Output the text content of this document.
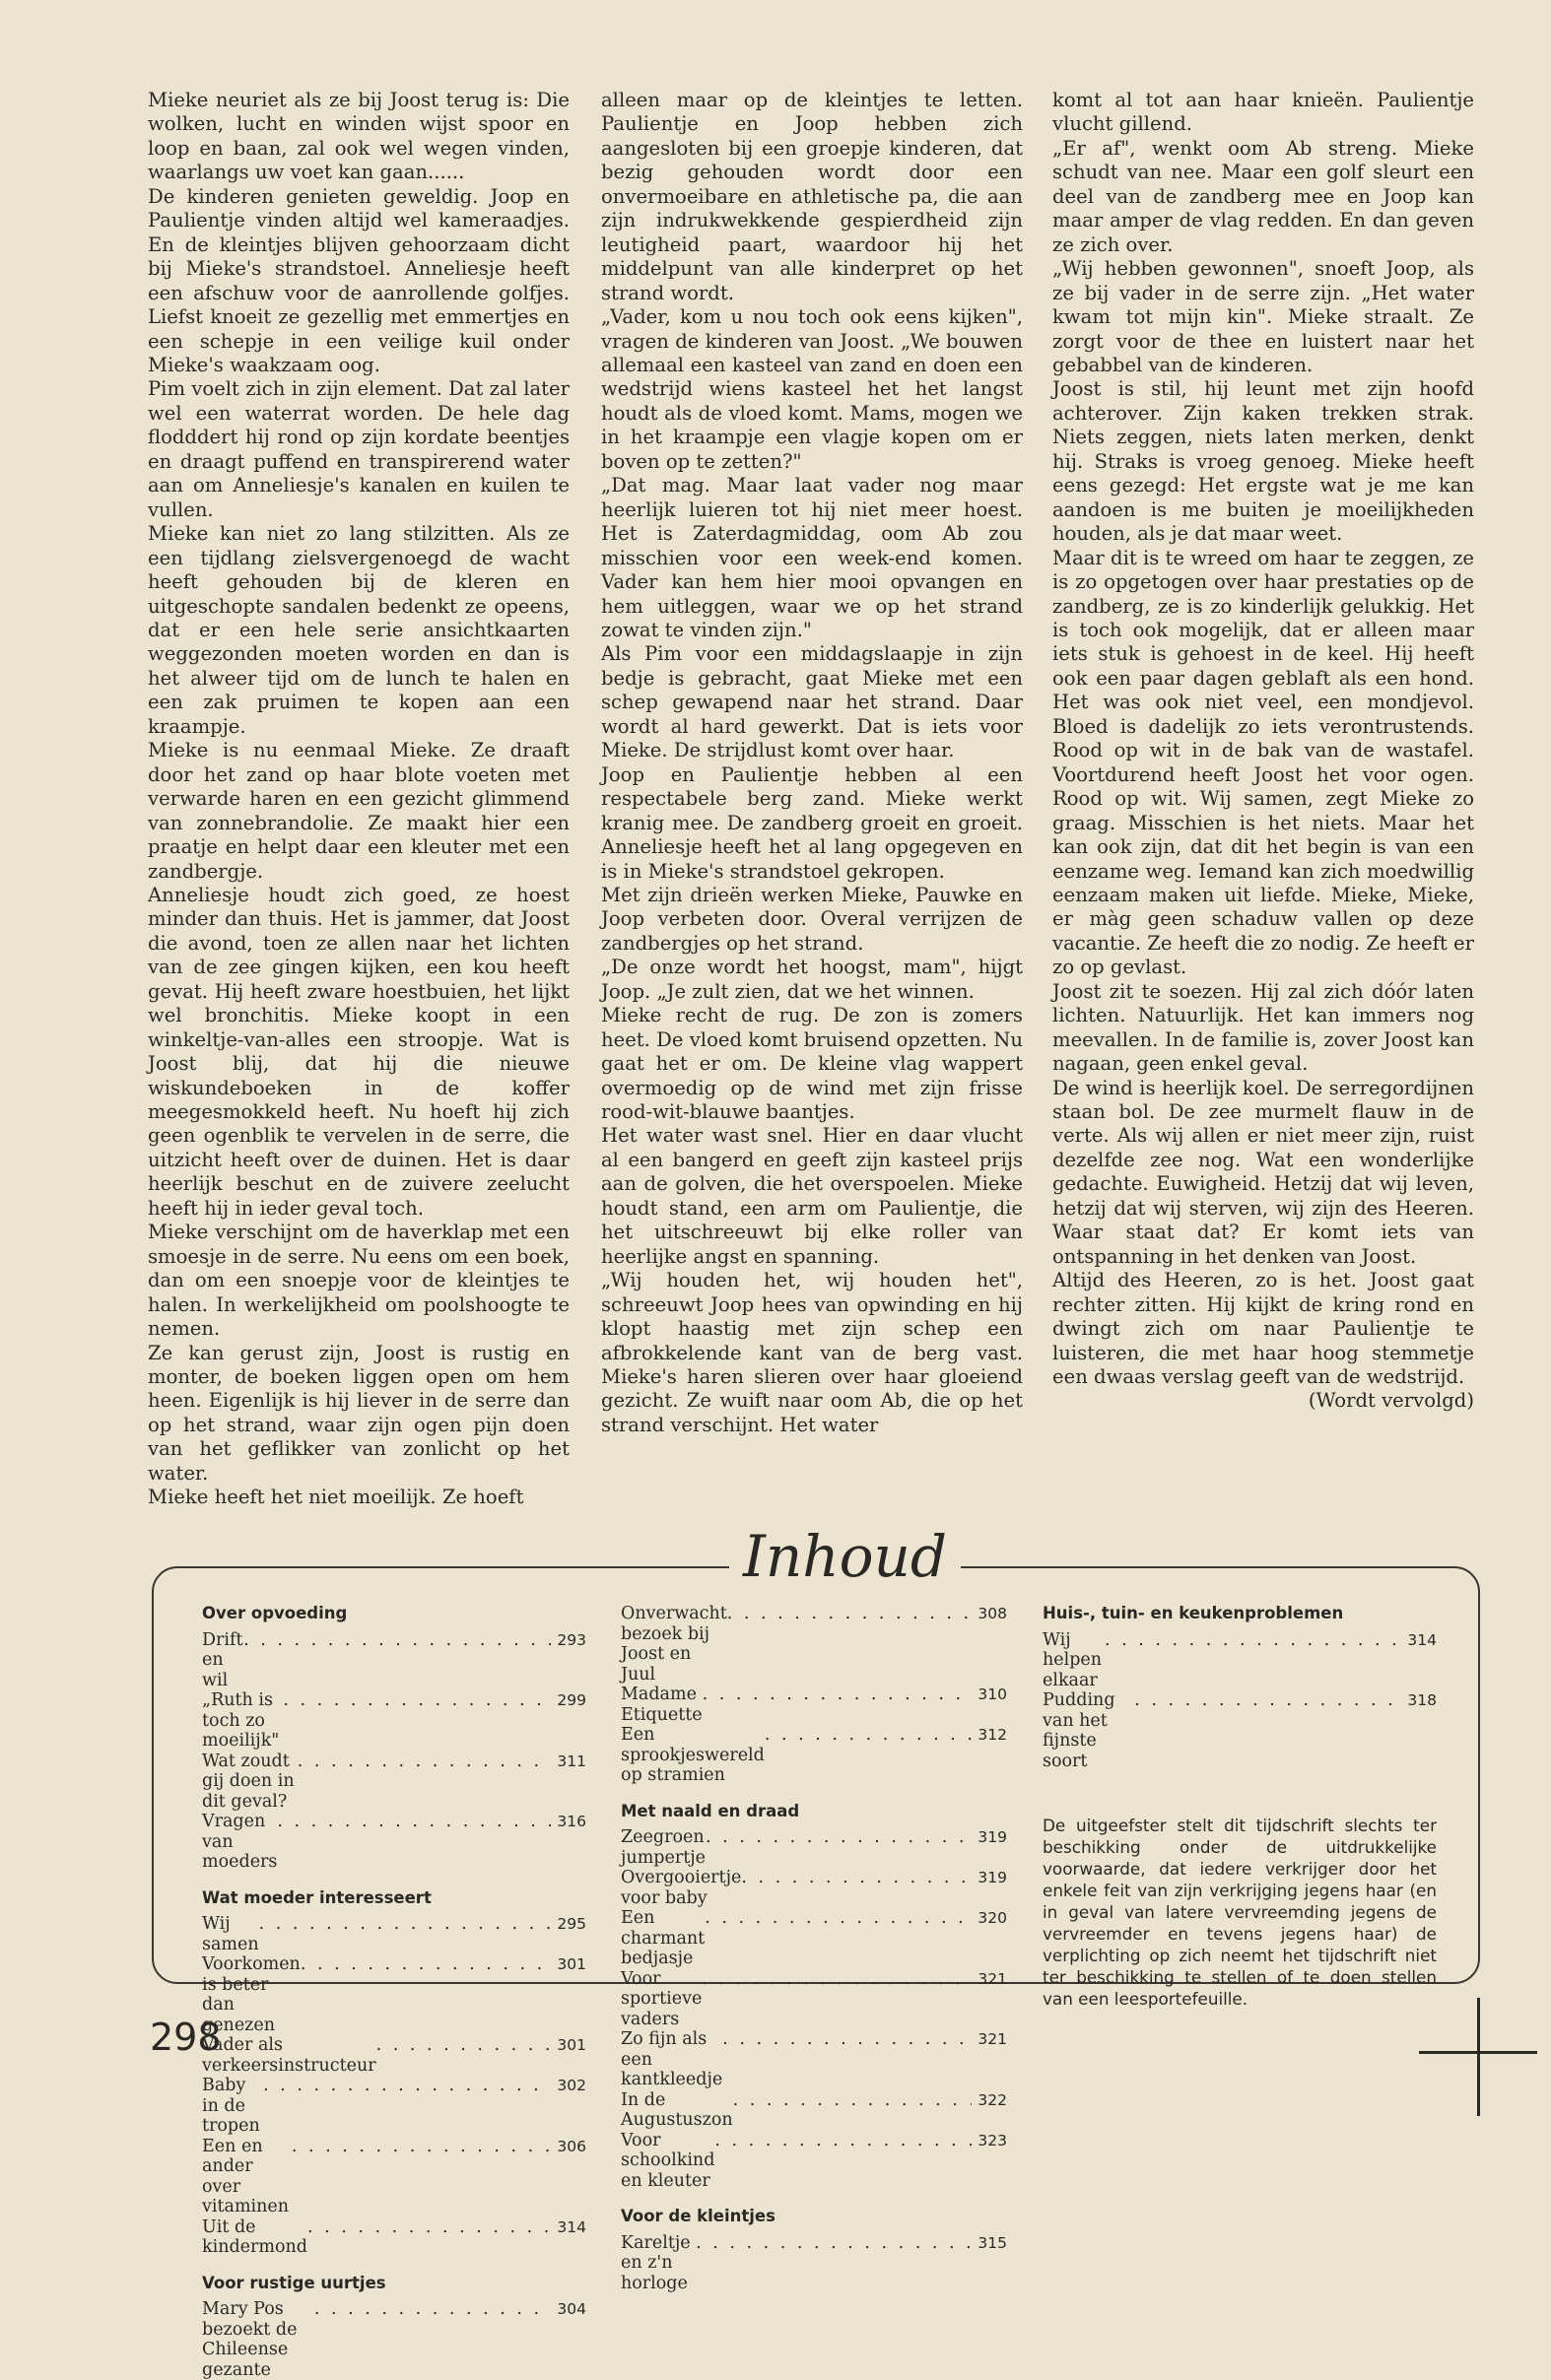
Mieke neuriet als ze bij Joost terug is: Die wolken, lucht en winden wijst spoor en loop en baan, zal ook wel wegen vinden, waarlangs uw voet kan gaan......

De kinderen genieten geweldig. Joop en Paulientje vinden altijd wel kameraadjes. En de kleintjes blijven gehoorzaam dicht bij Mieke's strandstoel. Anneliesje heeft een afschuw voor de aanrollende golfjes. Liefst knoeit ze gezellig met emmertjes en een schepje in een veilige kuil onder Mieke's waakzaam oog.

Pim voelt zich in zijn element. Dat zal later wel een waterrat worden. De hele dag flodddert hij rond op zijn kordate beentjes en draagt puffend en transpirerend water aan om Anneliesje's kanalen en kuilen te vullen.

Mieke kan niet zo lang stilzitten. Als ze een tijdlang zielsvergenoegd de wacht heeft gehouden bij de kleren en uitgeschopte sandalen bedenkt ze opeens, dat er een hele serie ansichtkaarten weggezonden moeten worden en dan is het alweer tijd om de lunch te halen en een zak pruimen te kopen aan een kraampje.

Mieke is nu eenmaal Mieke. Ze draaft door het zand op haar blote voeten met verwarde haren en een gezicht glimmend van zonnebrandolie. Ze maakt hier een praatje en helpt daar een kleuter met een zandbergje.

Anneliesje houdt zich goed, ze hoest minder dan thuis. Het is jammer, dat Joost die avond, toen ze allen naar het lichten van de zee gingen kijken, een kou heeft gevat. Hij heeft zware hoestbuien, het lijkt wel bronchitis. Mieke koopt in een winkeltje-van-alles een stroopje. Wat is Joost blij, dat hij die nieuwe wiskundeboeken in de koffer meegesmokkeld heeft. Nu hoeft hij zich geen ogenblik te vervelen in de serre, die uitzicht heeft over de duinen. Het is daar heerlijk beschut en de zuivere zeelucht heeft hij in ieder geval toch.

Mieke verschijnt om de haverklap met een smoesje in de serre. Nu eens om een boek, dan om een snoepje voor de kleintjes te halen. In werkelijkheid om poolshoogte te nemen.

Ze kan gerust zijn, Joost is rustig en monter, de boeken liggen open om hem heen. Eigenlijk is hij liever in de serre dan op het strand, waar zijn ogen pijn doen van het geflikker van zonlicht op het water.

Mieke heeft het niet moeilijk. Ze hoeft

alleen maar op de kleintjes te letten. Paulientje en Joop hebben zich aangesloten bij een groepje kinderen, dat bezig gehouden wordt door een onvermoeibare en athletische pa, die aan zijn indrukwekkende gespierdheid zijn leutigheid paart, waardoor hij het middelpunt van alle kinderpret op het strand wordt.

„Vader, kom u nou toch ook eens kijken", vragen de kinderen van Joost. „We bouwen allemaal een kasteel van zand en doen een wedstrijd wiens kasteel het het langst houdt als de vloed komt. Mams, mogen we in het kraampje een vlagje kopen om er boven op te zetten?"

„Dat mag. Maar laat vader nog maar heerlijk luieren tot hij niet meer hoest. Het is Zaterdagmiddag, oom Ab zou misschien voor een week-end komen. Vader kan hem hier mooi opvangen en hem uitleggen, waar we op het strand zowat te vinden zijn."

Als Pim voor een middagslaapje in zijn bedje is gebracht, gaat Mieke met een schep gewapend naar het strand. Daar wordt al hard gewerkt. Dat is iets voor Mieke. De strijdlust komt over haar.

Joop en Paulientje hebben al een respectabele berg zand. Mieke werkt kranig mee. De zandberg groeit en groeit. Anneliesje heeft het al lang opgegeven en is in Mieke's strandstoel gekropen.

Met zijn drieën werken Mieke, Pauwke en Joop verbeten door. Overal verrijzen de zandbergjes op het strand.

„De onze wordt het hoogst, mam", hijgt Joop. „Je zult zien, dat we het winnen.

Mieke recht de rug. De zon is zomers heet. De vloed komt bruisend opzetten. Nu gaat het er om. De kleine vlag wappert overmoedig op de wind met zijn frisse rood-wit-blauwe baantjes.

Het water wast snel. Hier en daar vlucht al een bangerd en geeft zijn kasteel prijs aan de golven, die het overspoelen. Mieke houdt stand, een arm om Paulientje, die het uitschreeuwt bij elke roller van heerlijke angst en spanning.

„Wij houden het, wij houden het", schreeuwt Joop hees van opwinding en hij klopt haastig met zijn schep een afbrokkelende kant van de berg vast. Mieke's haren slieren over haar gloeiend gezicht. Ze wuift naar oom Ab, die op het strand verschijnt. Het water

komt al tot aan haar knieën. Paulientje vlucht gillend.

„Er af", wenkt oom Ab streng. Mieke schudt van nee. Maar een golf sleurt een deel van de zandberg mee en Joop kan maar amper de vlag redden. En dan geven ze zich over.

„Wij hebben gewonnen", snoeft Joop, als ze bij vader in de serre zijn. „Het water kwam tot mijn kin". Mieke straalt. Ze zorgt voor de thee en luistert naar het gebabbel van de kinderen.

Joost is stil, hij leunt met zijn hoofd achterover. Zijn kaken trekken strak. Niets zeggen, niets laten merken, denkt hij. Straks is vroeg genoeg. Mieke heeft eens gezegd: Het ergste wat je me kan aandoen is me buiten je moeilijkheden houden, als je dat maar weet.

Maar dit is te wreed om haar te zeggen, ze is zo opgetogen over haar prestaties op de zandberg, ze is zo kinderlijk gelukkig. Het is toch ook mogelijk, dat er alleen maar iets stuk is gehoest in de keel. Hij heeft ook een paar dagen geblaft als een hond. Het was ook niet veel, een mondjevol. Bloed is dadelijk zo iets verontrustends. Rood op wit in de bak van de wastafel. Voortdurend heeft Joost het voor ogen. Rood op wit. Wij samen, zegt Mieke zo graag. Misschien is het niets. Maar het kan ook zijn, dat dit het begin is van een eenzame weg. Iemand kan zich moedwillig eenzaam maken uit liefde. Mieke, Mieke, er màg geen schaduw vallen op deze vacantie. Ze heeft die zo nodig. Ze heeft er zo op gevlast.

Joost zit te soezen. Hij zal zich dóór laten lichten. Natuurlijk. Het kan immers nog meevallen. In de familie is, zover Joost kan nagaan, geen enkel geval.

De wind is heerlijk koel. De serregordijnen staan bol. De zee murmelt flauw in de verte. Als wij allen er niet meer zijn, ruist dezelfde zee nog. Wat een wonderlijke gedachte. Euwigheid. Hetzij dat wij leven, hetzij dat wij sterven, wij zijn des Heeren. Waar staat dat? Er komt iets van ontspanning in het denken van Joost.

Altijd des Heeren, zo is het. Joost gaat rechter zitten. Hij kijkt de kring rond en dwingt zich om naar Paulientje te luisteren, die met haar hoog stemmetje een dwaas verslag geeft van de wedstrijd.

(Wordt vervolgd)

Inhoud
Over opvoeding
Drift en wil
. . .
293
„Ruth is toch zo moeilijk"
. . .
299
Wat zoudt gij doen in dit geval?
. . .
311
Vragen van moeders
. . .
316
Wat moeder interesseert
Wij samen
. . .
295
Voorkomen is beter dan genezen
. . .
301
Vader als verkeersinstructeur
. . .
301
Baby in de tropen
. . .
302
Een en ander over vitaminen
. . .
306
Uit de kindermond
. . .
314
Voor rustige uurtjes
Mary Pos bezoekt de Chileense gezante
. . .
304
Onverwacht bezoek bij Joost en Juul
. . .
308
Madame Etiquette
. . .
310
Een sprookjeswereld op stramien
. . .
312
Met naald en draad
Zeegroen jumpertje
. . .
319
Overgooiertje voor baby
. . .
319
Een charmant bedjasje
. . .
320
Voor sportieve vaders
. . .
321
Zo fijn als een kantkleedje
. . .
321
In de Augustuszon
. . .
322
Voor schoolkind en kleuter
. . .
323
Voor de kleintjes
Kareltje en z'n horloge
. . .
315
Huis-, tuin- en keukenproblemen
Wij helpen elkaar
. . .
314
Pudding van het fijnste soort
. . .
318
De uitgeefster stelt dit tijdschrift slechts ter beschikking onder de uitdrukkelijke voorwaarde, dat iedere verkrijger door het enkele feit van zijn verkrijging jegens haar (en in geval van latere vervreemding jegens de vervreemder en tevens jegens haar) de verplichting op zich neemt het tijdschrift niet ter beschikking te stellen of te doen stellen van een leesportefeuille.
298
